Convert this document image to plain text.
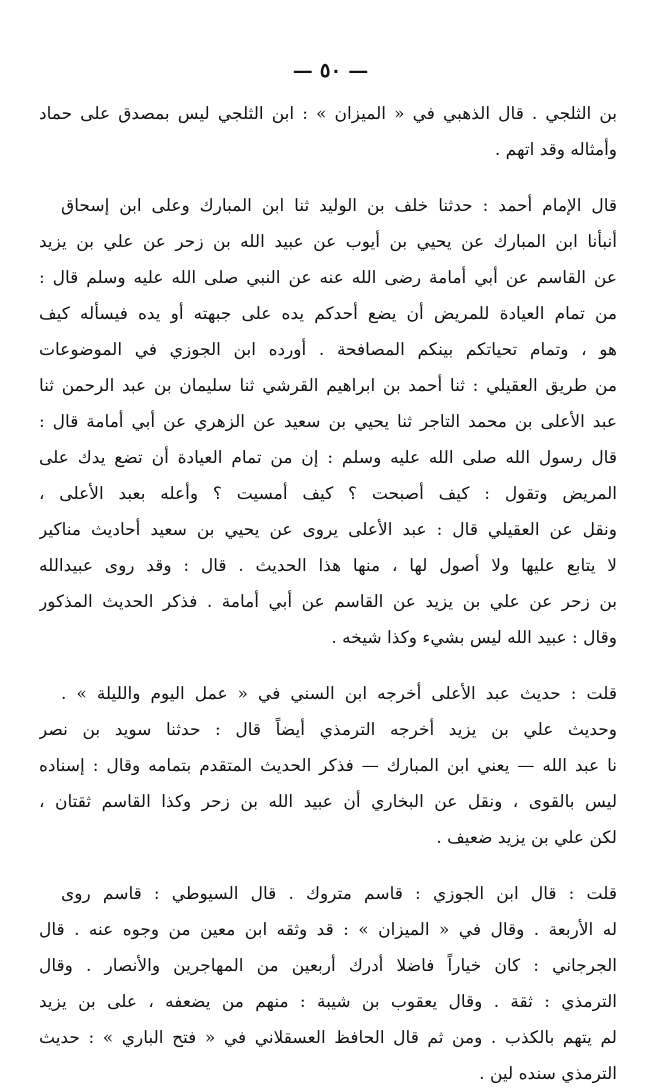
— ٥٠ —
بن الثلجي . قال الذهبي في « الميزان » : ابن الثلجي ليس بمصدق على حماد
وأمثاله وقد اتهم .
قال الإمام أحمد : حدثنا خلف بن الوليد ثنا ابن المبارك وعلى ابن إسحاق
أنبأنا ابن المبارك عن يحيي بن أيوب عن عبيد الله بن زحر عن علي بن يزيد
عن القاسم عن أبي أمامة رضى الله عنه عن النبي صلى الله عليه وسلم قال :
من تمام العيادة للمريض أن يضع أحدكم يده على جبهته أو يده فيسأله كيف
هو ، وتمام تحياتكم بينكم المصافحة . أورده ابن الجوزي في الموضوعات
من طريق العقيلي : ثنا أحمد بن ابراهيم القرشي ثنا سليمان بن عبد الرحمن ثنا
عبد الأعلى بن محمد التاجر ثنا يحيي بن سعيد عن الزهري عن أبي أمامة قال :
قال رسول الله صلى الله عليه وسلم : إن من تمام العيادة أن تضع يدك على
المريض وتقول : كيف أصبحت ؟ كيف أمسيت ؟ وأعله بعبد الأعلى ،
ونقل عن العقيلي قال : عبد الأعلى يروى عن يحيي بن سعيد أحاديث مناكير
لا يتابع عليها ولا أصول لها ، منها هذا الحديث . قال : وقد روى عبيدالله
بن زحر عن علي بن يزيد عن القاسم عن أبي أمامة . فذكر الحديث المذكور
وقال : عبيد الله ليس بشيء وكذا شيخه .
قلت : حديث عبد الأعلى أخرجه ابن السني في « عمل اليوم والليلة » .
وحديث علي بن يزيد أخرجه الترمذي أيضاً قال : حدثنا سويد بن نصر
نا عبد الله — يعني ابن المبارك — فذكر الحديث المتقدم بتمامه وقال : إسناده
ليس بالقوى ، ونقل عن البخاري أن عبيد الله بن زحر وكذا القاسم ثقتان ،
لكن علي بن يزيد ضعيف .
قلت : قال ابن الجوزي : قاسم متروك . قال السيوطي : قاسم روى
له الأربعة . وقال في « الميزان » : قد وثقه ابن معين من وجوه عنه . قال
الجرجاني : كان خياراً فاضلا أدرك أربعين من المهاجرين والأنصار . وقال
الترمذي : ثقة . وقال يعقوب بن شيبة : منهم من يضعفه ، على بن يزيد
لم يتهم بالكذب . ومن ثم قال الحافظ العسقلاني في « فتح الباري » : حديث
الترمذي سنده لين .
